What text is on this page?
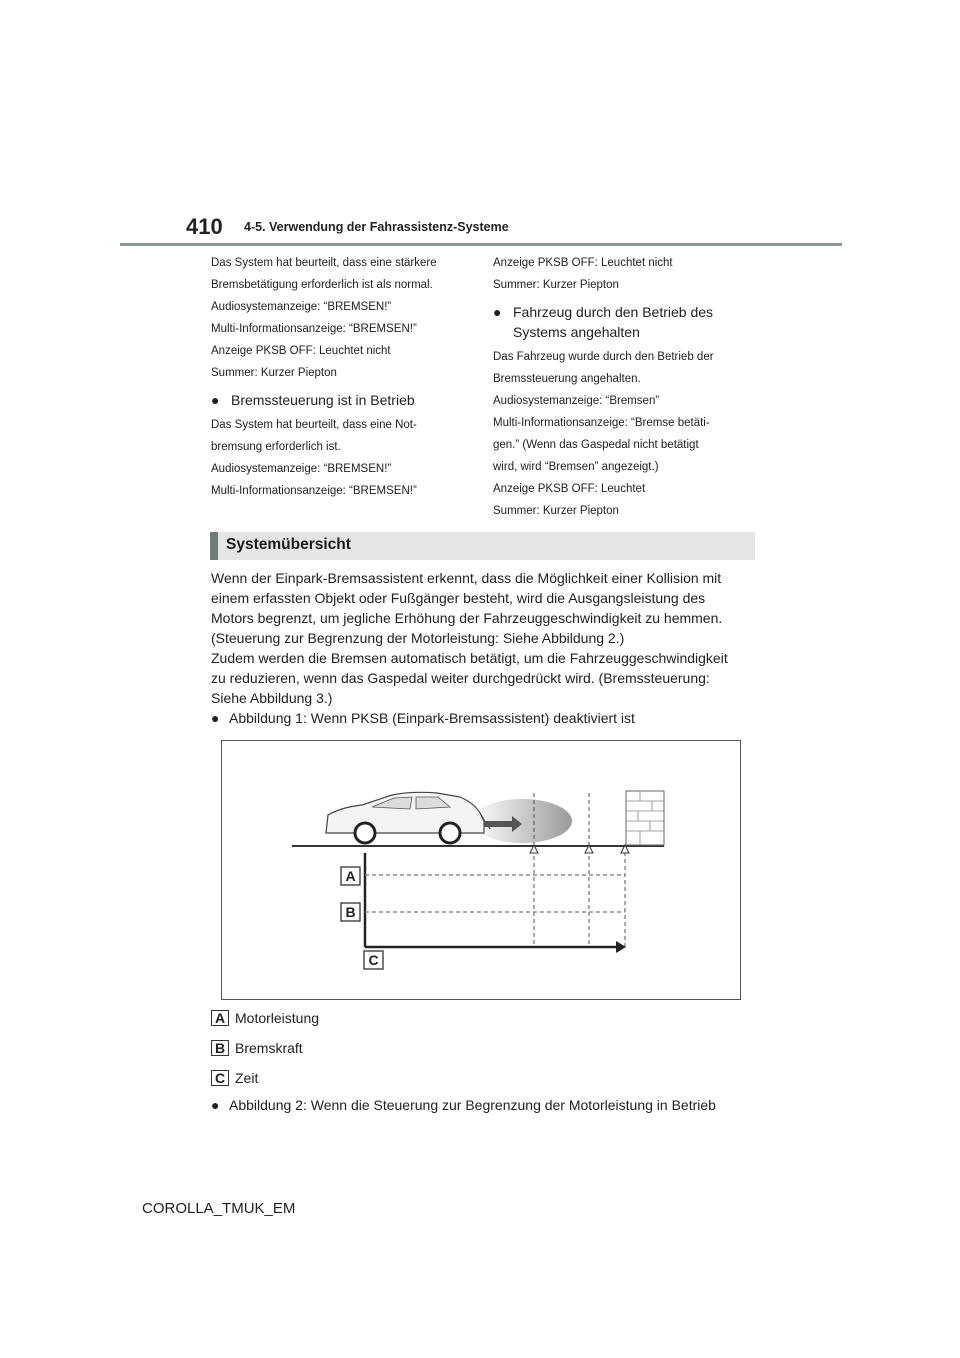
410 4-5. Verwendung der Fahrassistenz-Systeme

Das System hat beurteilt, dass eine stärkere

Bremsbetätigung erforderlich ist als normal.

Audiosystemanzeige: “BREMSEN!”

Multi-Informationsanzeige: “BREMSEN!”

Anzeige PKSB OFF: Leuchtet nicht

Summer: Kurzer Piepton

● Bremssteuerung ist in Betrieb

Das System hat beurteilt, dass eine Not-

bremsung erforderlich ist.

Audiosystemanzeige: “BREMSEN!”

Multi-Informationsanzeige: “BREMSEN!”

Anzeige PKSB OFF: Leuchtet nicht

Summer: Kurzer Piepton

● Fahrzeug durch den Betrieb des
Systems angehalten

Das Fahrzeug wurde durch den Betrieb der

Bremssteuerung angehalten.

Audiosystemanzeige: “Bremsen”

Multi-Informationsanzeige: “Bremse betäti-

gen.” (Wenn das Gaspedal nicht betätigt

wird, wird “Bremsen” angezeigt.)

Anzeige PKSB OFF: Leuchtet

Summer: Kurzer Piepton

Systemübersicht

Wenn der Einpark-Bremsassistent erkennt, dass die Möglichkeit einer Kollision mit

einem erfassten Objekt oder Fußgänger besteht, wird die Ausgangsleistung des

Motors begrenzt, um jegliche Erhöhung der Fahrzeuggeschwindigkeit zu hemmen.

(Steuerung zur Begrenzung der Motorleistung: Siehe Abbildung 2.)

Zudem werden die Bremsen automatisch betätigt, um die Fahrzeuggeschwindigkeit

zu reduzieren, wenn das Gaspedal weiter durchgedrückt wird. (Bremssteuerung:

Siehe Abbildung 3.)

● Abbildung 1: Wenn PKSB (Einpark-Bremsassistent) deaktiviert ist
A
B
C
A Motorleistung
B Bremskraft
C Zeit
● Abbildung 2: Wenn die Steuerung zur Begrenzung der Motorleistung in Betrieb
COROLLA_TMUK_EM
